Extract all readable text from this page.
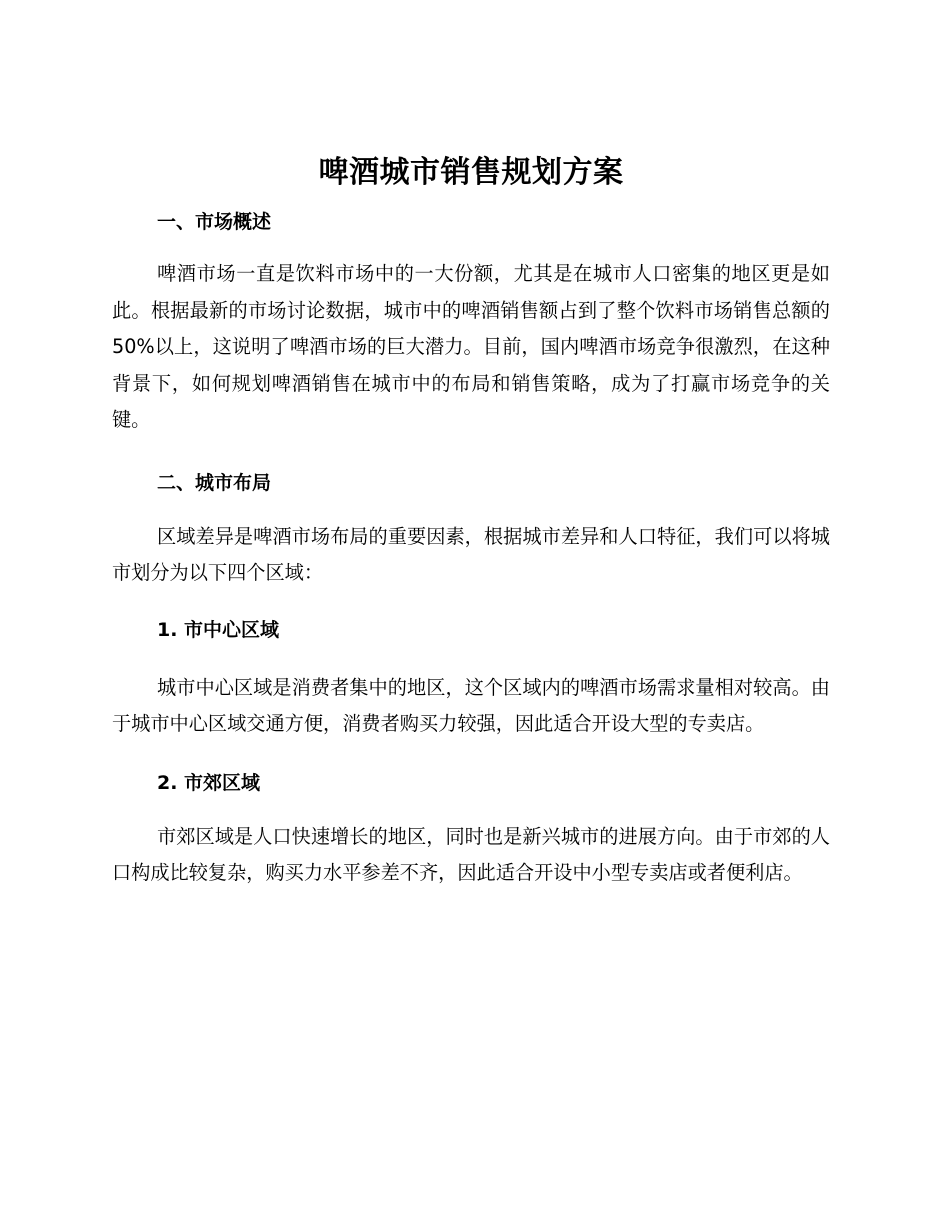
啤酒城市销售规划方案
一、市场概述

啤酒市场一直是饮料市场中的一大份额，尤其是在城市人口密集的地区更是如此。根据最新的市场讨论数据，城市中的啤酒销售额占到了整个饮料市场销售总额的 50%以上，这说明了啤酒市场的巨大潜力。目前，国内啤酒市场竞争很激烈，在这种背景下，如何规划啤酒销售在城市中的布局和销售策略，成为了打赢市场竞争的关键。

二、城市布局

区域差异是啤酒市场布局的重要因素，根据城市差异和人口特征，我们可以将城市划分为以下四个区域：

1. 市中心区域

城市中心区域是消费者集中的地区，这个区域内的啤酒市场需求量相对较高。由于城市中心区域交通方便，消费者购买力较强，因此适合开设大型的专卖店。

2. 市郊区域

市郊区域是人口快速增长的地区，同时也是新兴城市的进展方向。由于市郊的人口构成比较复杂，购买力水平参差不齐，因此适合开设中小型专卖店或者便利店。
